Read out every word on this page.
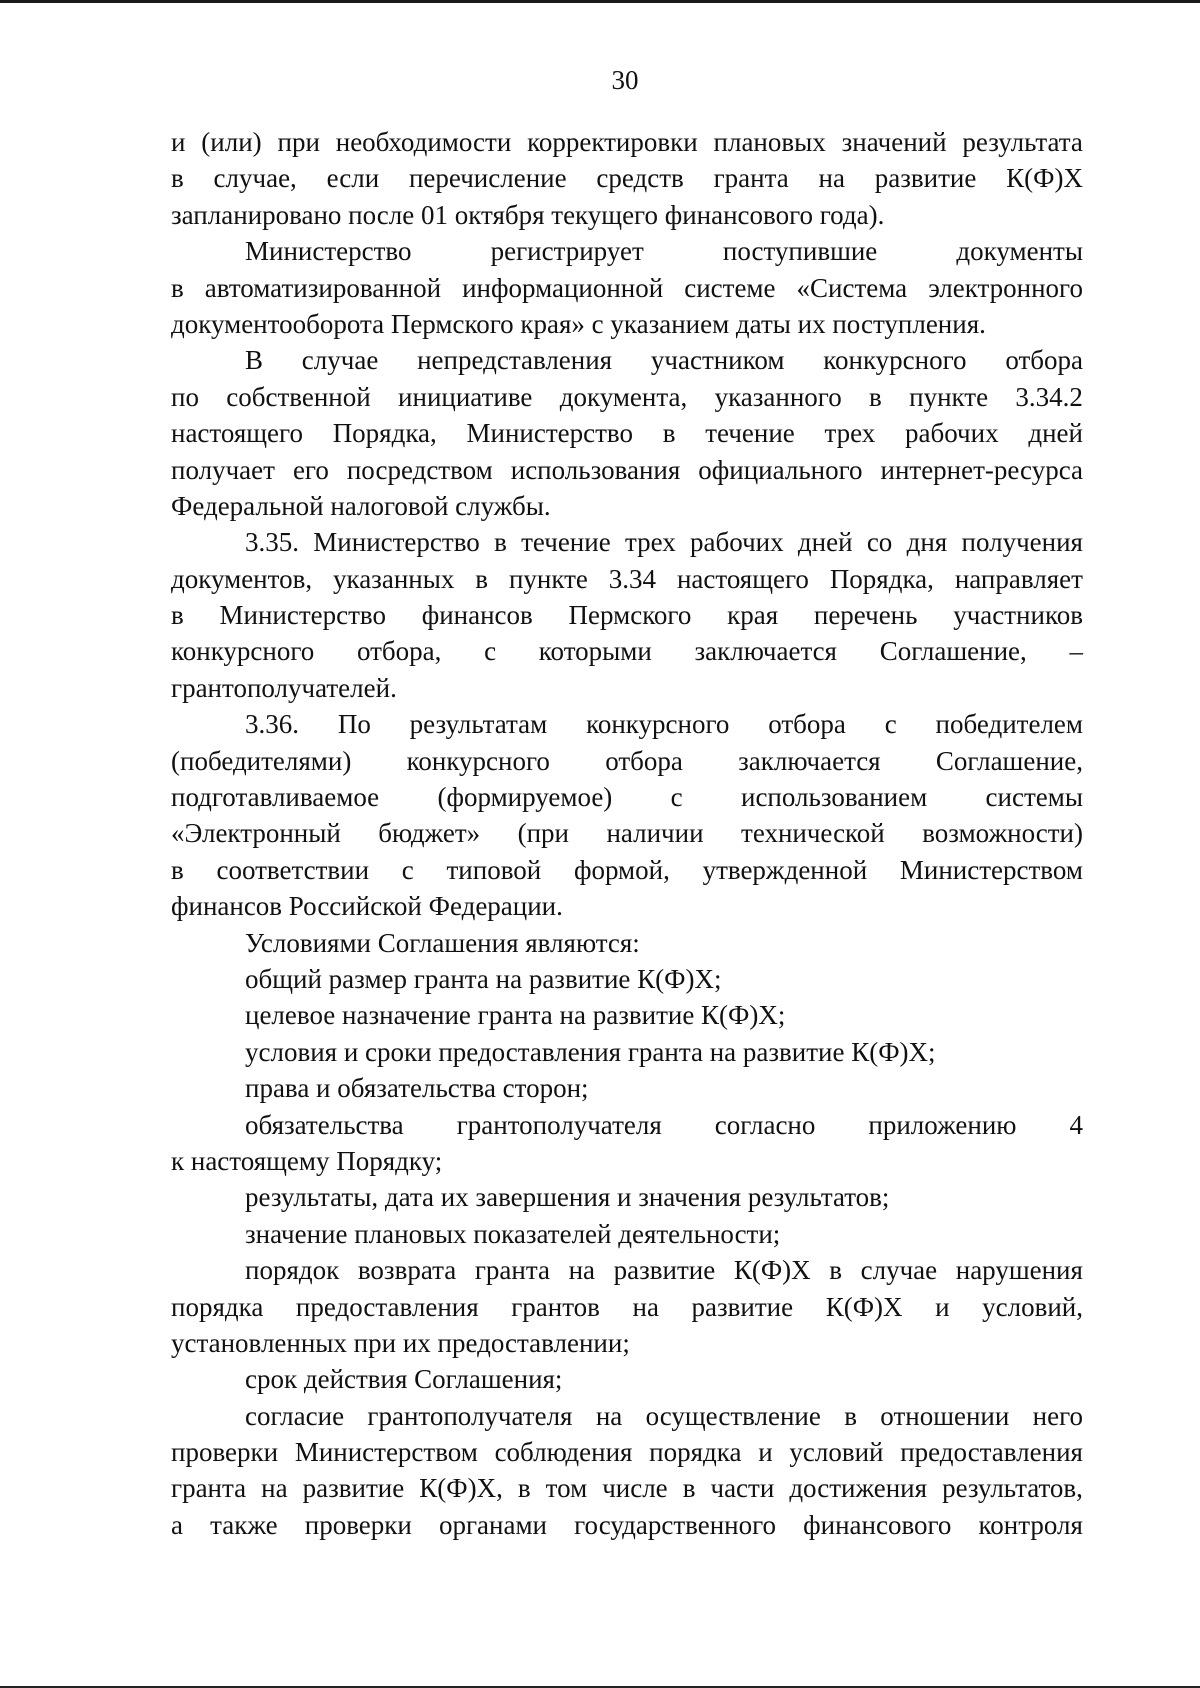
30
и (или) при необходимости корректировки плановых значений результата
в случае, если перечисление средств гранта на развитие К(Ф)Х
запланировано после 01 октября текущего финансового года).
Министерство	регистрирует	поступившие	документы
в автоматизированной информационной системе «Система электронного
документооборота Пермского края» с указанием даты их поступления.
В случае непредставления участником конкурсного отбора
по собственной инициативе документа, указанного в пункте 3.34.2
настоящего Порядка, Министерство в течение трех рабочих дней
получает его посредством использования официального интернет-ресурса
Федеральной налоговой службы.
3.35. Министерство в течение трех рабочих дней со дня получения
документов, указанных в пункте 3.34 настоящего Порядка, направляет
в Министерство финансов Пермского края перечень участников
конкурсного отбора, с которыми заключается Соглашение, –
грантополучателей.
3.36. По результатам конкурсного отбора с победителем
(победителями) конкурсного отбора заключается Соглашение,
подготавливаемое (формируемое) с использованием системы
«Электронный бюджет» (при наличии технической возможности)
в соответствии с типовой формой, утвержденной Министерством
финансов Российской Федерации.
Условиями Соглашения являются:
общий размер гранта на развитие К(Ф)Х;
целевое назначение гранта на развитие К(Ф)Х;
условия и сроки предоставления гранта на развитие К(Ф)Х;
права и обязательства сторон;
обязательства грантополучателя согласно приложению 4
к настоящему Порядку;
результаты, дата их завершения и значения результатов;
значение плановых показателей деятельности;
порядок возврата гранта на развитие К(Ф)Х в случае нарушения
порядка предоставления грантов на развитие К(Ф)Х и условий,
установленных при их предоставлении;
срок действия Соглашения;
согласие грантополучателя на осуществление в отношении него
проверки Министерством соблюдения порядка и условий предоставления
гранта на развитие К(Ф)Х, в том числе в части достижения результатов,
а также проверки органами государственного финансового контроля
